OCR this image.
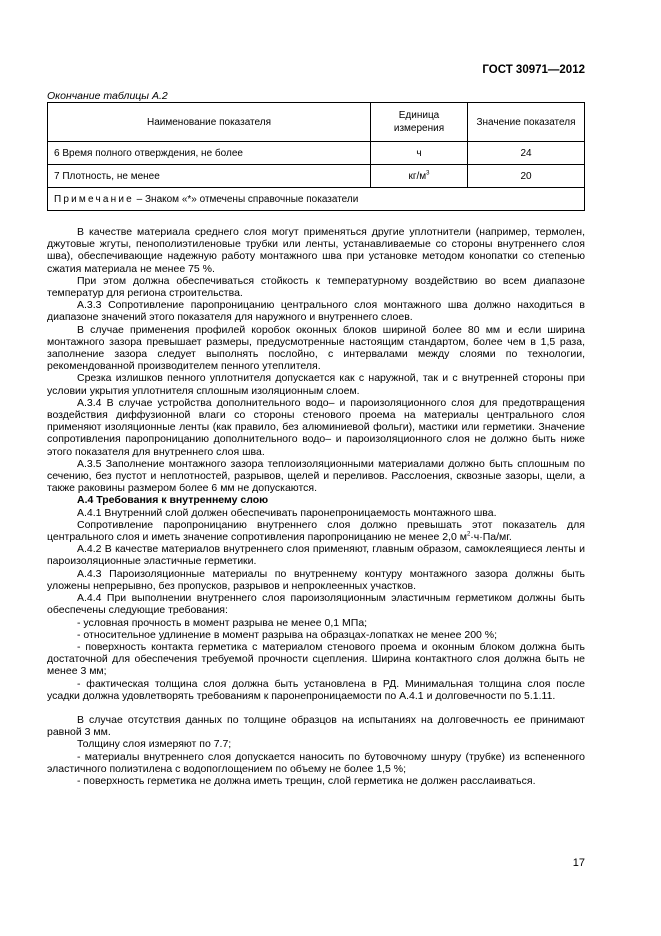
ГОСТ 30971—2012
Окончание таблицы А.2
Наименование показателя	Единица измерения	Значение показателя
6 Время полного отверждения, не более	ч	24
7 Плотность, не менее	$кг/м^3$	20
Примечание – Знаком «*» отмечены справочные показатели		

В качестве материала среднего слоя могут применяться другие уплотнители (например, термолен, джутовые жгуты, пенополиэтиленовые трубки или ленты, устанавливаемые со стороны внутреннего слоя шва), обеспечивающие надежную работу монтажного шва при установке методом конопатки со степенью сжатия материала не менее 75 %.

При этом должна обеспечиваться стойкость к температурному воздействию во всем диапазоне температур для региона строительства.

А.3.3 Сопротивление паропроницанию центрального слоя монтажного шва должно находиться в диапазоне значений этого показателя для наружного и внутреннего слоев.

В случае применения профилей коробок оконных блоков шириной более 80 мм и если ширина монтажного зазора превышает размеры, предусмотренные настоящим стандартом, более чем в 1,5 раза, заполнение зазора следует выполнять послойно, с интервалами между слоями по технологии, рекомендованной производителем пенного утеплителя.

Срезка излишков пенного уплотнителя допускается как с наружной, так и с внутренней стороны при условии укрытия уплотнителя сплошным изоляционным слоем.

А.3.4 В случае устройства дополнительного водо– и пароизоляционного слоя для предотвращения воздействия диффузионной влаги со стороны стенового проема на материалы центрального слоя применяют изоляционные ленты (как правило, без алюминиевой фольги), мастики или герметики. Значение сопротивления паропроницанию дополнительного водо– и пароизоляционного слоя не должно быть ниже этого показателя для внутреннего слоя шва.

А.3.5 Заполнение монтажного зазора теплоизоляционными материалами должно быть сплошным по сечению, без пустот и неплотностей, разрывов, щелей и переливов. Расслоения, сквозные зазоры, щели, а также раковины размером более 6 мм не допускаются.

А.4 Требования к внутреннему слою

А.4.1 Внутренний слой должен обеспечивать паронепроницаемость монтажного шва.

Сопротивление паропроницанию внутреннего слоя должно превышать этот показатель для центрального слоя и иметь значение сопротивления паропроницанию не менее 2,0 $м^2\cdot ч\cdot Па/мг$.

А.4.2 В качестве материалов внутреннего слоя применяют, главным образом, самоклеящиеся ленты и пароизоляционные эластичные герметики.

А.4.3 Пароизоляционные материалы по внутреннему контуру монтажного зазора должны быть уложены непрерывно, без пропусков, разрывов и непроклеенных участков.

А.4.4 При выполнении внутреннего слоя пароизоляционным эластичным герметиком должны быть обеспечены следующие требования:

- условная прочность в момент разрыва не менее 0,1 МПа;

- относительное удлинение в момент разрыва на образцах-лопатках не менее 200 %;

- поверхность контакта герметика с материалом стенового проема и оконным блоком должна быть достаточной для обеспечения требуемой прочности сцепления. Ширина контактного слоя должна быть не менее 3 мм;

- фактическая толщина слоя должна быть установлена в РД. Минимальная толщина слоя после усадки должна удовлетворять требованиям к паронепроницаемости по А.4.1 и долговечности по 5.1.11.

В случае отсутствия данных по толщине образцов на испытаниях на долговечность ее принимают равной 3 мм.

Толщину слоя измеряют по 7.7;

- материалы внутреннего слоя допускается наносить по бутовочному шнуру (трубке) из вспененного эластичного полиэтилена с водопоглощением по объему не более 1,5 %;

- поверхность герметика не должна иметь трещин, слой герметика не должен расслаиваться.

17
